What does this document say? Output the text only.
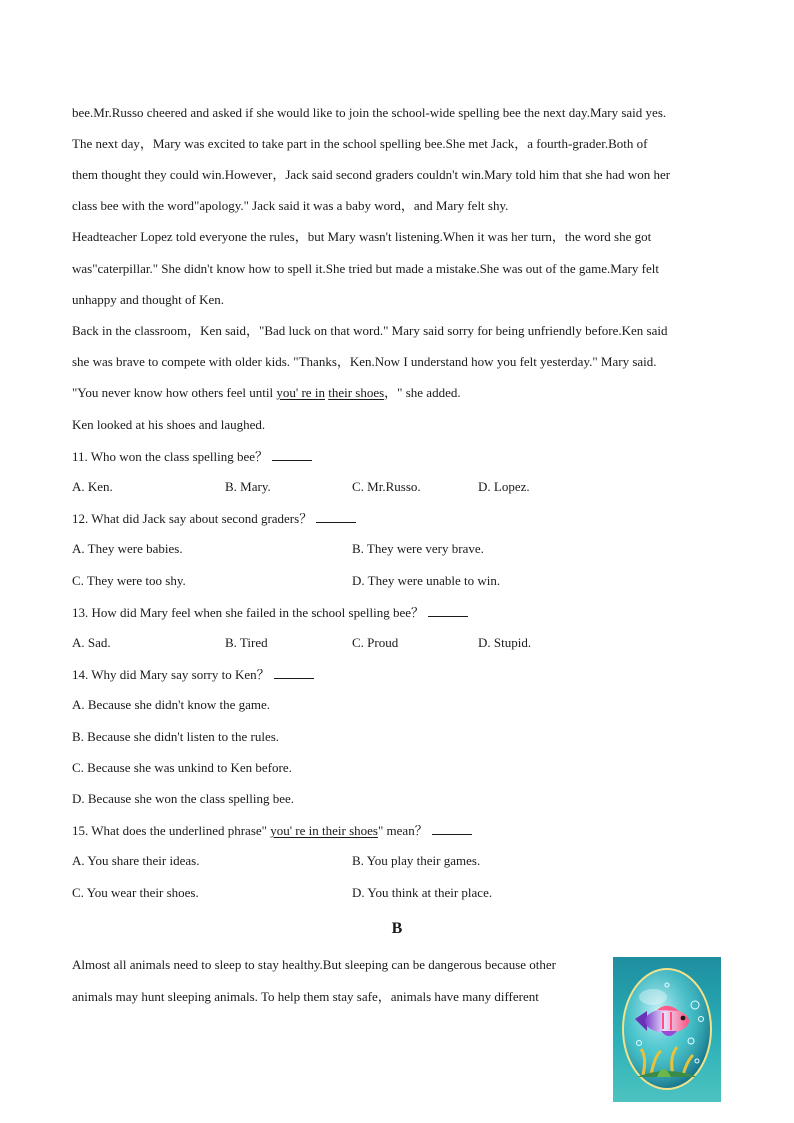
bee.Mr.Russo cheered and asked if she would like to join the school-wide spelling bee the next day.Mary said yes.
The next day，Mary was excited to take part in the school spelling bee.She met Jack，a fourth-grader.Both of
them thought they could win.However，Jack said second graders couldn't win.Mary told him that she had won her
class bee with the word"apology." Jack said it was a baby word，and Mary felt shy.
Headteacher Lopez told everyone the rules，but Mary wasn't listening.When it was her turn，the word she got
was"caterpillar." She didn't know how to spell it.She tried but made a mistake.She was out of the game.Mary felt
unhappy and thought of Ken.
Back in the classroom，Ken said，"Bad luck on that word." Mary said sorry for being unfriendly before.Ken said
she was brave to compete with older kids. "Thanks，Ken.Now I understand how you felt yesterday." Mary said.
"You never know how others feel until you' re in their shoes，" she added.
Ken looked at his shoes and laughed.
11. Who won the class spelling bee？
A. Ken.	B. Mary.	C. Mr.Russo.	D. Lopez.
12. What did Jack say about second graders？
A. They were babies.	B. They were very brave.
C. They were too shy.	D. They were unable to win.
13. How did Mary feel when she failed in the school spelling bee？
A. Sad.	B. Tired	C. Proud	D. Stupid.
14. Why did Mary say sorry to Ken？
A. Because she didn't know the game.
B. Because she didn't listen to the rules.
C. Because she was unkind to Ken before.
D. Because she won the class spelling bee.
15. What does the underlined phrase" you' re in their shoes" mean？
A. You share their ideas.	B. You play their games.
C. You wear their shoes.	D. You think at their place.
B
Almost all animals need to sleep to stay healthy.But sleeping can be dangerous because other
animals may hunt sleeping animals. To help them stay safe，animals have many different
